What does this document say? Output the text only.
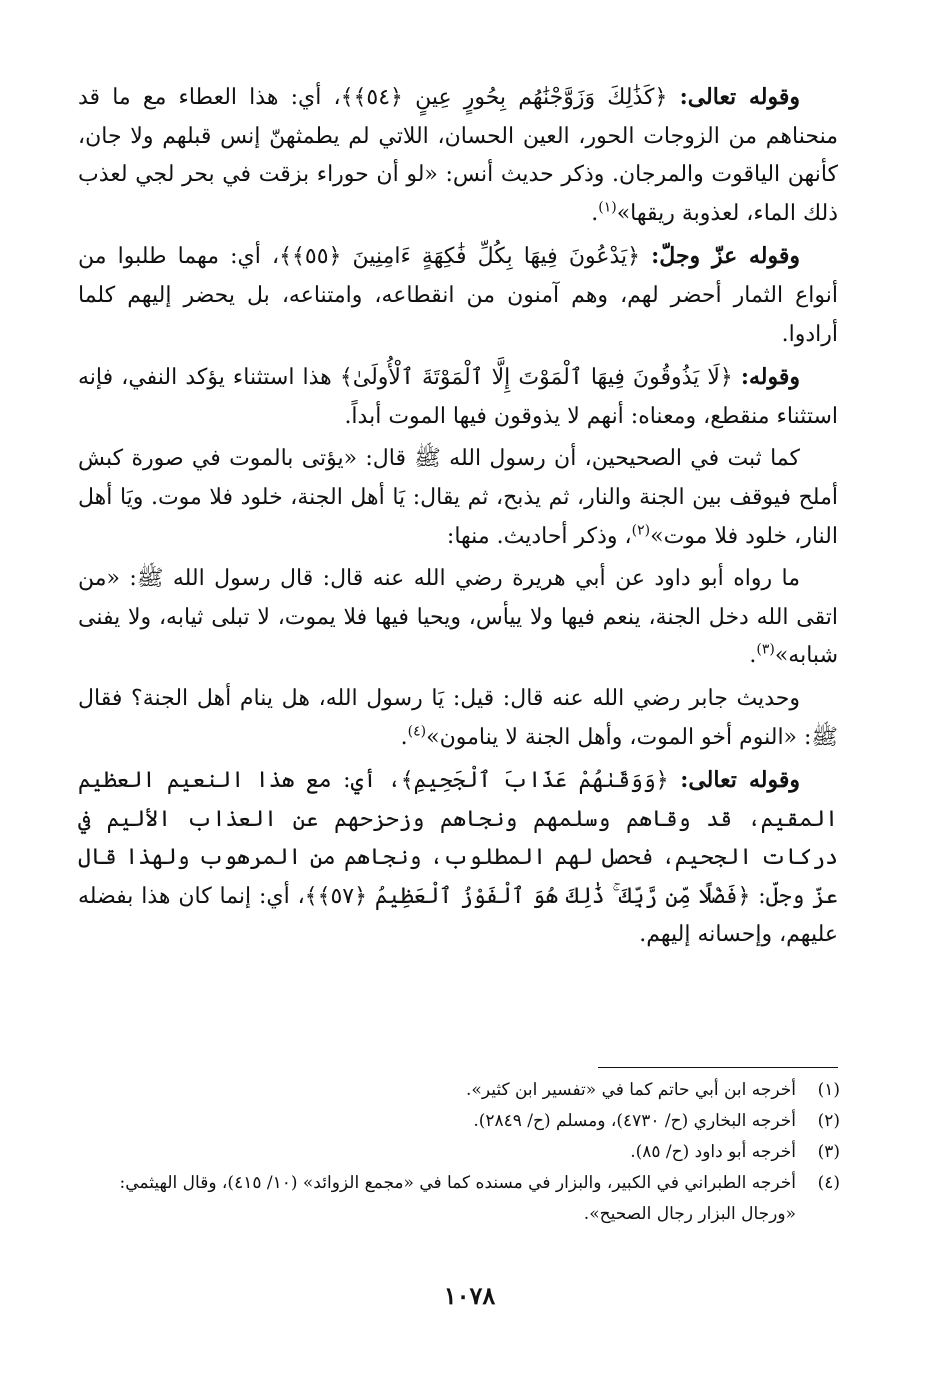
وقوله تعالى: ﴿كَذَٰلِكَ وَزَوَّجْنَٰهُم بِحُورٍ عِينٍ ﴿٥٤﴾﴾، أي: هذا العطاء مع ما قد منحناهم من الزوجات الحور، العين الحسان، اللاتي لم يطمثهنّ إنس قبلهم ولا جان، كأنهن الياقوت والمرجان. وذكر حديث أنس: «لو أن حوراء بزقت في بحر لجي لعذب ذلك الماء، لعذوبة ريقها»$^{(١)}$.

وقوله عزّ وجلّ: ﴿يَدْعُونَ فِيهَا بِكُلِّ فَٰكِهَةٍ ءَامِنِينَ ﴿٥٥﴾﴾، أي: مهما طلبوا من أنواع الثمار أحضر لهم، وهم آمنون من انقطاعه، وامتناعه، بل يحضر إليهم كلما أرادوا.

وقوله: ﴿لَا يَذُوقُونَ فِيهَا ٱلْمَوْتَ إِلَّا ٱلْمَوْتَةَ ٱلْأُولَىٰ﴾ هذا استثناء يؤكد النفي، فإنه استثناء منقطع، ومعناه: أنهم لا يذوقون فيها الموت أبداً.

كما ثبت في الصحيحين، أن رسول الله ﷺ قال: «يؤتى بالموت في صورة كبش أملح فيوقف بين الجنة والنار، ثم يذبح، ثم يقال: يَا أهل الجنة، خلود فلا موت. ويَا أهل النار، خلود فلا موت»$^{(٢)}$، وذكر أحاديث. منها:

ما رواه أبو داود عن أبي هريرة رضي الله عنه قال: قال رسول الله ﷺ: «من اتقى الله دخل الجنة، ينعم فيها ولا ييأس، ويحيا فيها فلا يموت، لا تبلى ثيابه، ولا يفنى شبابه»$^{(٣)}$.

وحديث جابر رضي الله عنه قال: قيل: يَا رسول الله، هل ينام أهل الجنة؟ فقال ﷺ: «النوم أخو الموت، وأهل الجنة لا ينامون»$^{(٤)}$.

وقوله تعالى: ﴿وَوَقَىٰهُمْ عَذَابَ ٱلْجَحِيمِ﴾، أي: مع هذا النعيم العظيم المقيم، قد وقاهم وسلمهم ونجاهم وزحزحهم عن العذاب الأليم في دركات الجحيم، فحصل لهم المطلوب، ونجاهم من المرهوب ولهذا قال عزّ وجلّ: ﴿فَضْلًا مِّن رَّبِّكَ ۚ ذَٰلِكَ هُوَ ٱلْفَوْزُ ٱلْعَظِيمُ ﴿٥٧﴾﴾، أي: إنما كان هذا بفضله عليهم، وإحسانه إليهم.

(١)
أخرجه ابن أبي حاتم كما في «تفسير ابن كثير».

(٢)
أخرجه البخاري (ح/ ٤٧٣٠)، ومسلم (ح/ ٢٨٤٩).

(٣)
أخرجه أبو داود (ح/ ٨٥).

(٤)
أخرجه الطبراني في الكبير، والبزار في مسنده كما في «مجمع الزوائد» (١٠/ ٤١٥)، وقال الهيثمي: «ورجال البزار رجال الصحيح».

١٠٧٨
